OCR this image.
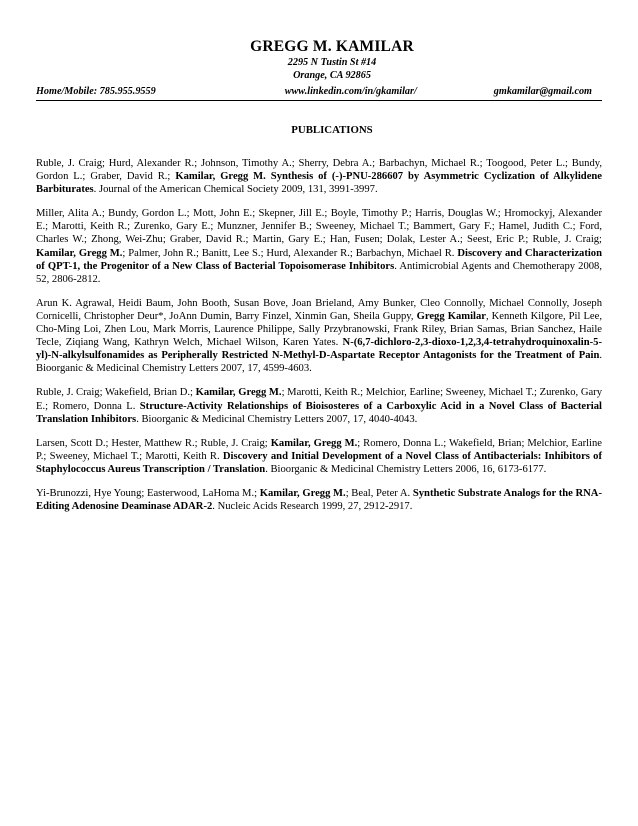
GREGG M. KAMILAR
2295 N Tustin St #14
Orange, CA 92865
Home/Mobile: 785.955.9559	www.linkedin.com/in/gkamilar/	gmkamilar@gmail.com
PUBLICATIONS

Ruble, J. Craig; Hurd, Alexander R.; Johnson, Timothy A.; Sherry, Debra A.; Barbachyn, Michael R.; Toogood, Peter L.; Bundy, Gordon L.; Graber, David R.; Kamilar, Gregg M. Synthesis of (-)-PNU-286607 by Asymmetric Cyclization of Alkylidene Barbiturates. Journal of the American Chemical Society 2009, 131, 3991-3997.

Miller, Alita A.; Bundy, Gordon L.; Mott, John E.; Skepner, Jill E.; Boyle, Timothy P.; Harris, Douglas W.; Hromockyj, Alexander E.; Marotti, Keith R.; Zurenko, Gary E.; Munzner, Jennifer B.; Sweeney, Michael T.; Bammert, Gary F.; Hamel, Judith C.; Ford, Charles W.; Zhong, Wei-Zhu; Graber, David R.; Martin, Gary E.; Han, Fusen; Dolak, Lester A.; Seest, Eric P.; Ruble, J. Craig; Kamilar, Gregg M.; Palmer, John R.; Banitt, Lee S.; Hurd, Alexander R.; Barbachyn, Michael R. Discovery and Characterization of QPT-1, the Progenitor of a New Class of Bacterial Topoisomerase Inhibitors. Antimicrobial Agents and Chemotherapy 2008, 52, 2806-2812.

Arun K. Agrawal, Heidi Baum, John Booth, Susan Bove, Joan Brieland, Amy Bunker, Cleo Connolly, Michael Connolly, Joseph Cornicelli, Christopher Deur*, JoAnn Dumin, Barry Finzel, Xinmin Gan, Sheila Guppy, Gregg Kamilar, Kenneth Kilgore, Pil Lee, Cho-Ming Loi, Zhen Lou, Mark Morris, Laurence Philippe, Sally Przybranowski, Frank Riley, Brian Samas, Brian Sanchez, Haile Tecle, Ziqiang Wang, Kathryn Welch, Michael Wilson, Karen Yates. N-(6,7-dichloro-2,3-dioxo-1,2,3,4-tetrahydroquinoxalin-5-yl)-N-alkylsulfonamides as Peripherally Restricted N-Methyl-D-Aspartate Receptor Antagonists for the Treatment of Pain. Bioorganic & Medicinal Chemistry Letters 2007, 17, 4599-4603.

Ruble, J. Craig; Wakefield, Brian D.; Kamilar, Gregg M.; Marotti, Keith R.; Melchior, Earline; Sweeney, Michael T.; Zurenko, Gary E.; Romero, Donna L. Structure-Activity Relationships of Bioisosteres of a Carboxylic Acid in a Novel Class of Bacterial Translation Inhibitors. Bioorganic & Medicinal Chemistry Letters 2007, 17, 4040-4043.

Larsen, Scott D.; Hester, Matthew R.; Ruble, J. Craig; Kamilar, Gregg M.; Romero, Donna L.; Wakefield, Brian; Melchior, Earline P.; Sweeney, Michael T.; Marotti, Keith R. Discovery and Initial Development of a Novel Class of Antibacterials: Inhibitors of Staphylococcus Aureus Transcription / Translation. Bioorganic & Medicinal Chemistry Letters 2006, 16, 6173-6177.

Yi-Brunozzi, Hye Young; Easterwood, LaHoma M.; Kamilar, Gregg M.; Beal, Peter A. Synthetic Substrate Analogs for the RNA-Editing Adenosine Deaminase ADAR-2. Nucleic Acids Research 1999, 27, 2912-2917.
